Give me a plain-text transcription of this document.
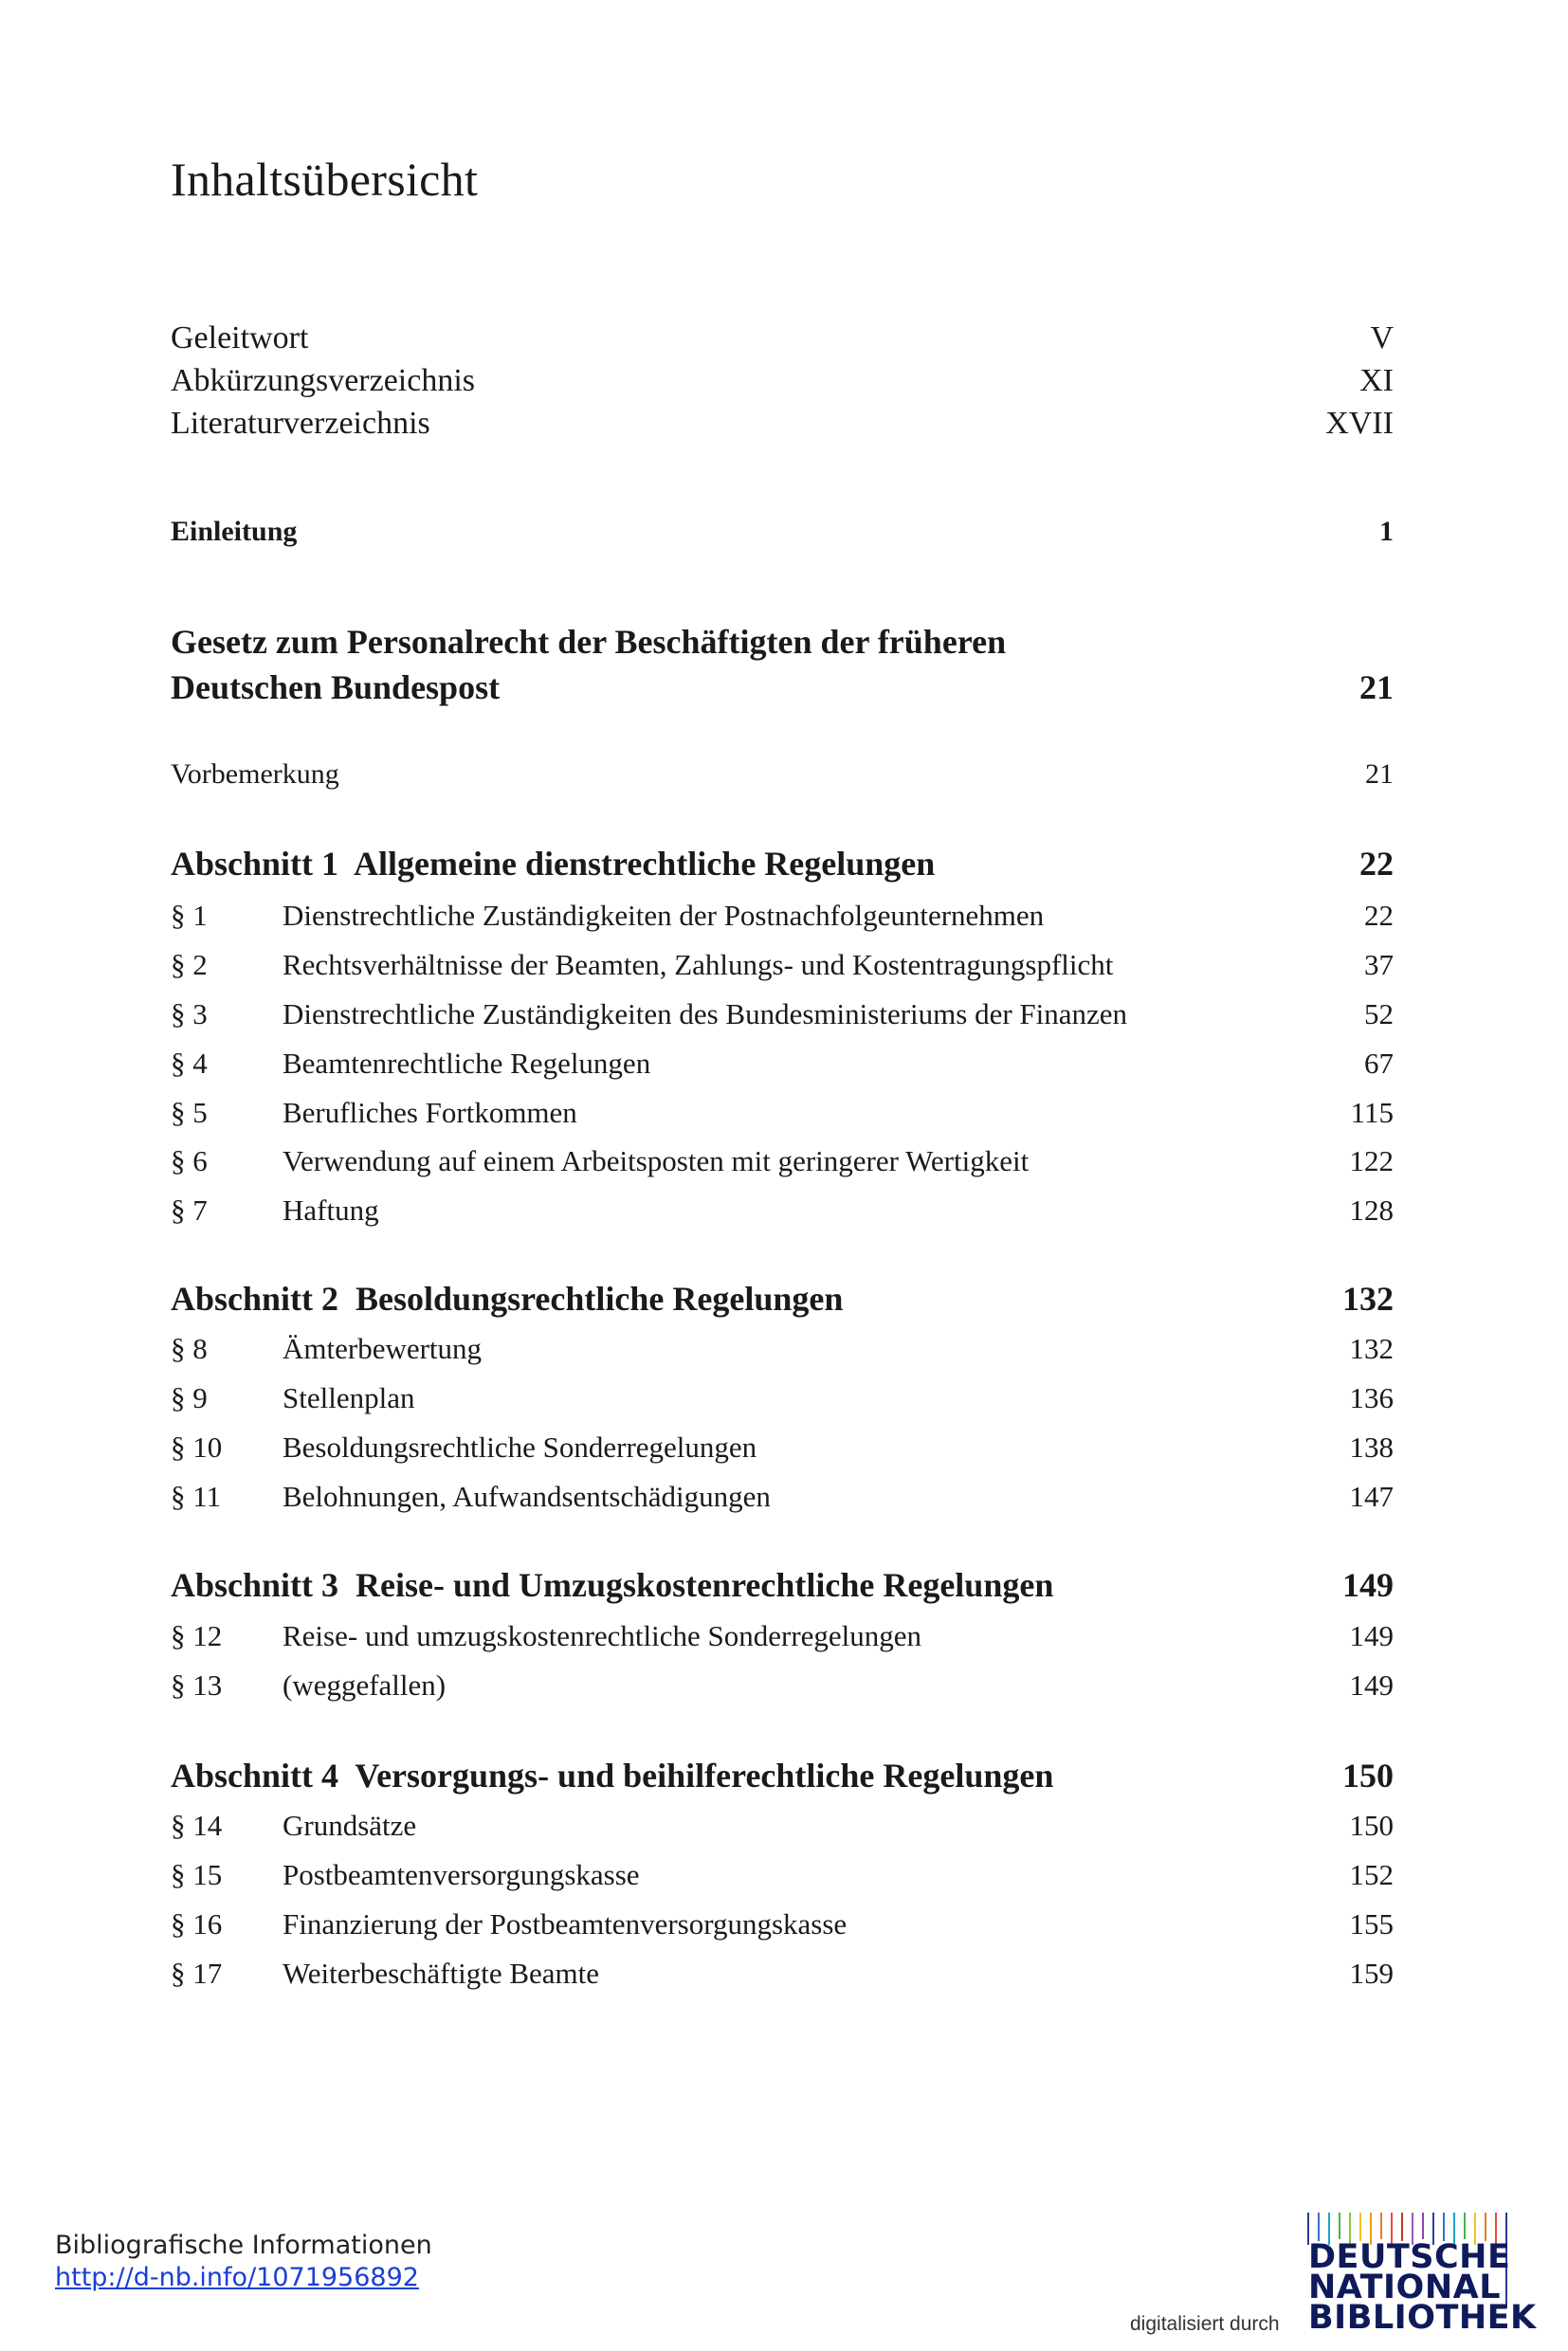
Inhaltsübersicht
Geleitwort	V
Abkürzungsverzeichnis	XI
Literaturverzeichnis	XVII
Einleitung	1
Gesetz zum Personalrecht der Beschäftigten der früheren
Deutschen Bundespost	21
Vorbemerkung	21
Abschnitt 1  Allgemeine dienstrechtliche Regelungen	22
§ 1	Dienstrechtliche Zuständigkeiten der Postnachfolgeunternehmen	22
§ 2	Rechtsverhältnisse der Beamten, Zahlungs- und Kostentragungspflicht	37
§ 3	Dienstrechtliche Zuständigkeiten des Bundesministeriums der Finanzen	52
§ 4	Beamtenrechtliche Regelungen	67
§ 5	Berufliches Fortkommen	115
§ 6	Verwendung auf einem Arbeitsposten mit geringerer Wertigkeit	122
§ 7	Haftung	128
Abschnitt 2  Besoldungsrechtliche Regelungen	132
§ 8	Ämterbewertung	132
§ 9	Stellenplan	136
§ 10	Besoldungsrechtliche Sonderregelungen	138
§ 11	Belohnungen, Aufwandsentschädigungen	147
Abschnitt 3  Reise- und Umzugskostenrechtliche Regelungen	149
§ 12	Reise- und umzugskostenrechtliche Sonderregelungen	149
§ 13	(weggefallen)	149
Abschnitt 4  Versorgungs- und beihilferechtliche Regelungen	150
§ 14	Grundsätze	150
§ 15	Postbeamtenversorgungskasse	152
§ 16	Finanzierung der Postbeamtenversorgungskasse	155
§ 17	Weiterbeschäftigte Beamte	159
Bibliografische Informationen
http://d-nb.info/1071956892
digitalisiert durch
DEUTSCHE
NATIONAL
BIBLIOTHEK
